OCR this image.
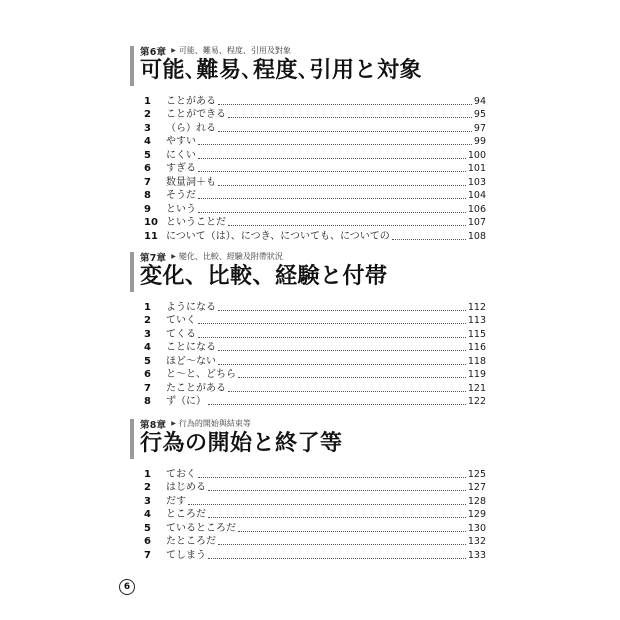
第6章 ▶ 可能、難易、程度、引用及對象
可能､難易､程度､引用と対象
1	ことがある	94
2	ことができる	95
3	（ら）れる	97
4	やすい	99
5	にくい	100
6	すぎる	101
7	数量詞＋も	103
8	そうだ	104
9	という	106
10 ということだ	107
11 について（は）、につき、についても、についての	108
第7章 ▶ 變化、比較、經驗及附帶狀況
変化、比較、経験と付帯
1	ようになる	112
2	ていく	113
3	てくる	115
4	ことになる	116
5	ほど～ない	118
6	と～と、どちら	119
7	たことがある	121
8	ず（に）	122
第8章 ▶ 行為的開始與結束等
行為の開始と終了等
1	ておく	125
2	はじめる	127
3	だす	128
4	ところだ	129
5	ているところだ	130
6	たところだ	132
7	てしまう	133
6
